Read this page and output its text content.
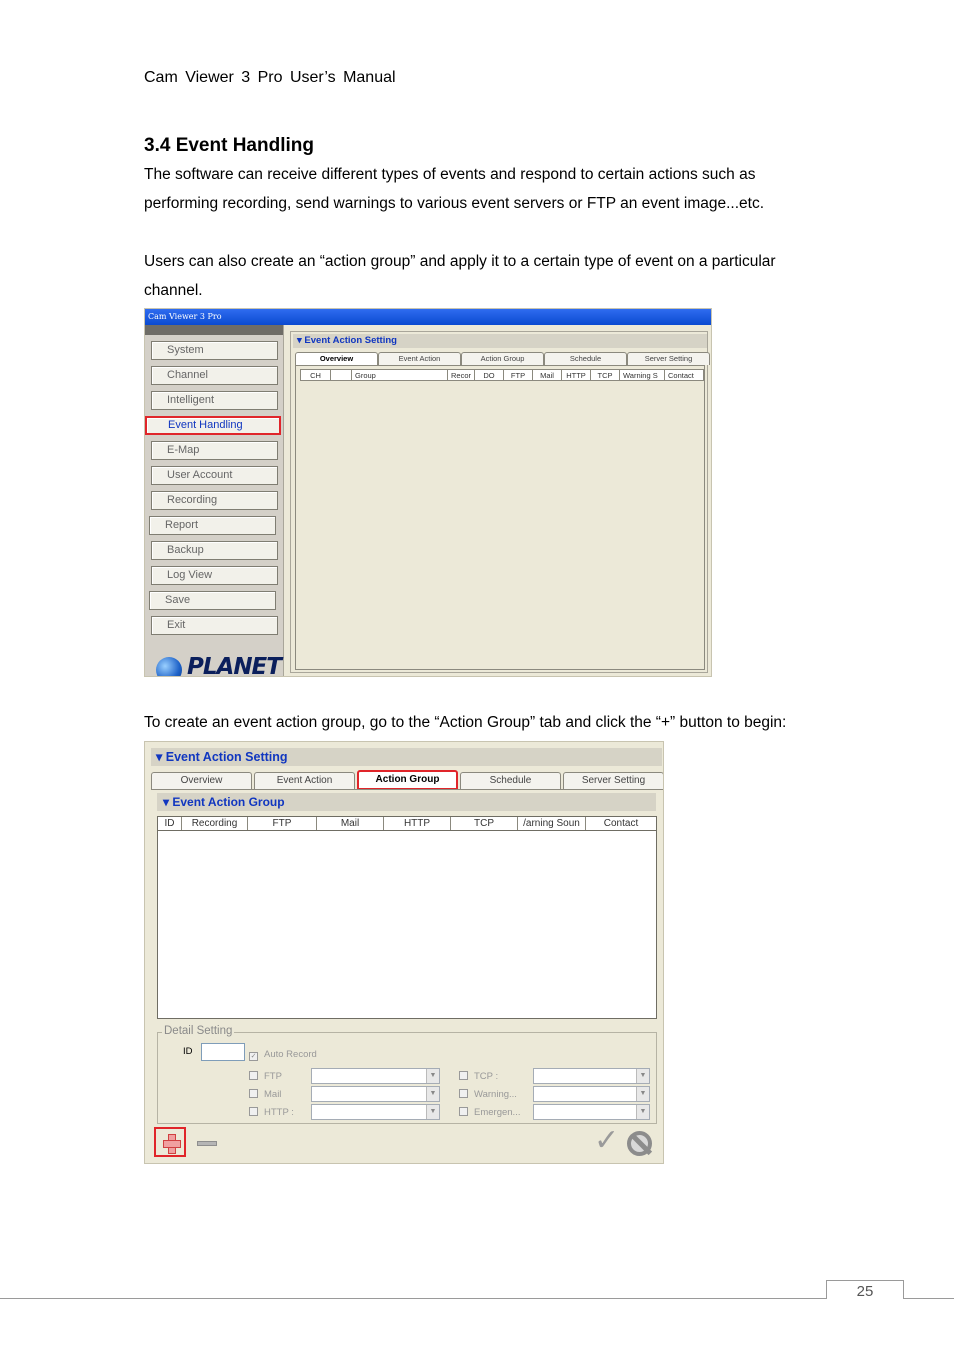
Cam Viewer 3 Pro User’s Manual
3.4 Event Handling
The software can receive different types of events and respond to certain actions such as
performing recording, send warnings to various event servers or FTP an event image...etc.
Users can also create an “action group” and apply it to a certain type of event on a particular
channel.
Cam Viewer 3 Pro
System
Channel
Intelligent
Event Handling
E-Map
User Account
Recording
Report
Backup
Log View
Save
Exit
PLANET
▾ Event Action Setting
Overview	Event Action	Action Group	Schedule	Server Setting
CH	Group	Recor	DO	FTP	Mail	HTTP	TCP	Warning S	Contact
To create an event action group, go to the “Action Group” tab and click the “+” button to begin:
▾ Event Action Setting
Overview	Event Action	Action Group	Schedule	Server Setting
▾ Event Action Group
ID	Recording	FTP	Mail	HTTP	TCP	/arning Soun	Contact
Detail Setting
ID	✓ Auto Record
FTP	▼
Mail	▼
HTTP :	▼
TCP :	▼
Warning...	▼
Emergen...	▼
✓
25
